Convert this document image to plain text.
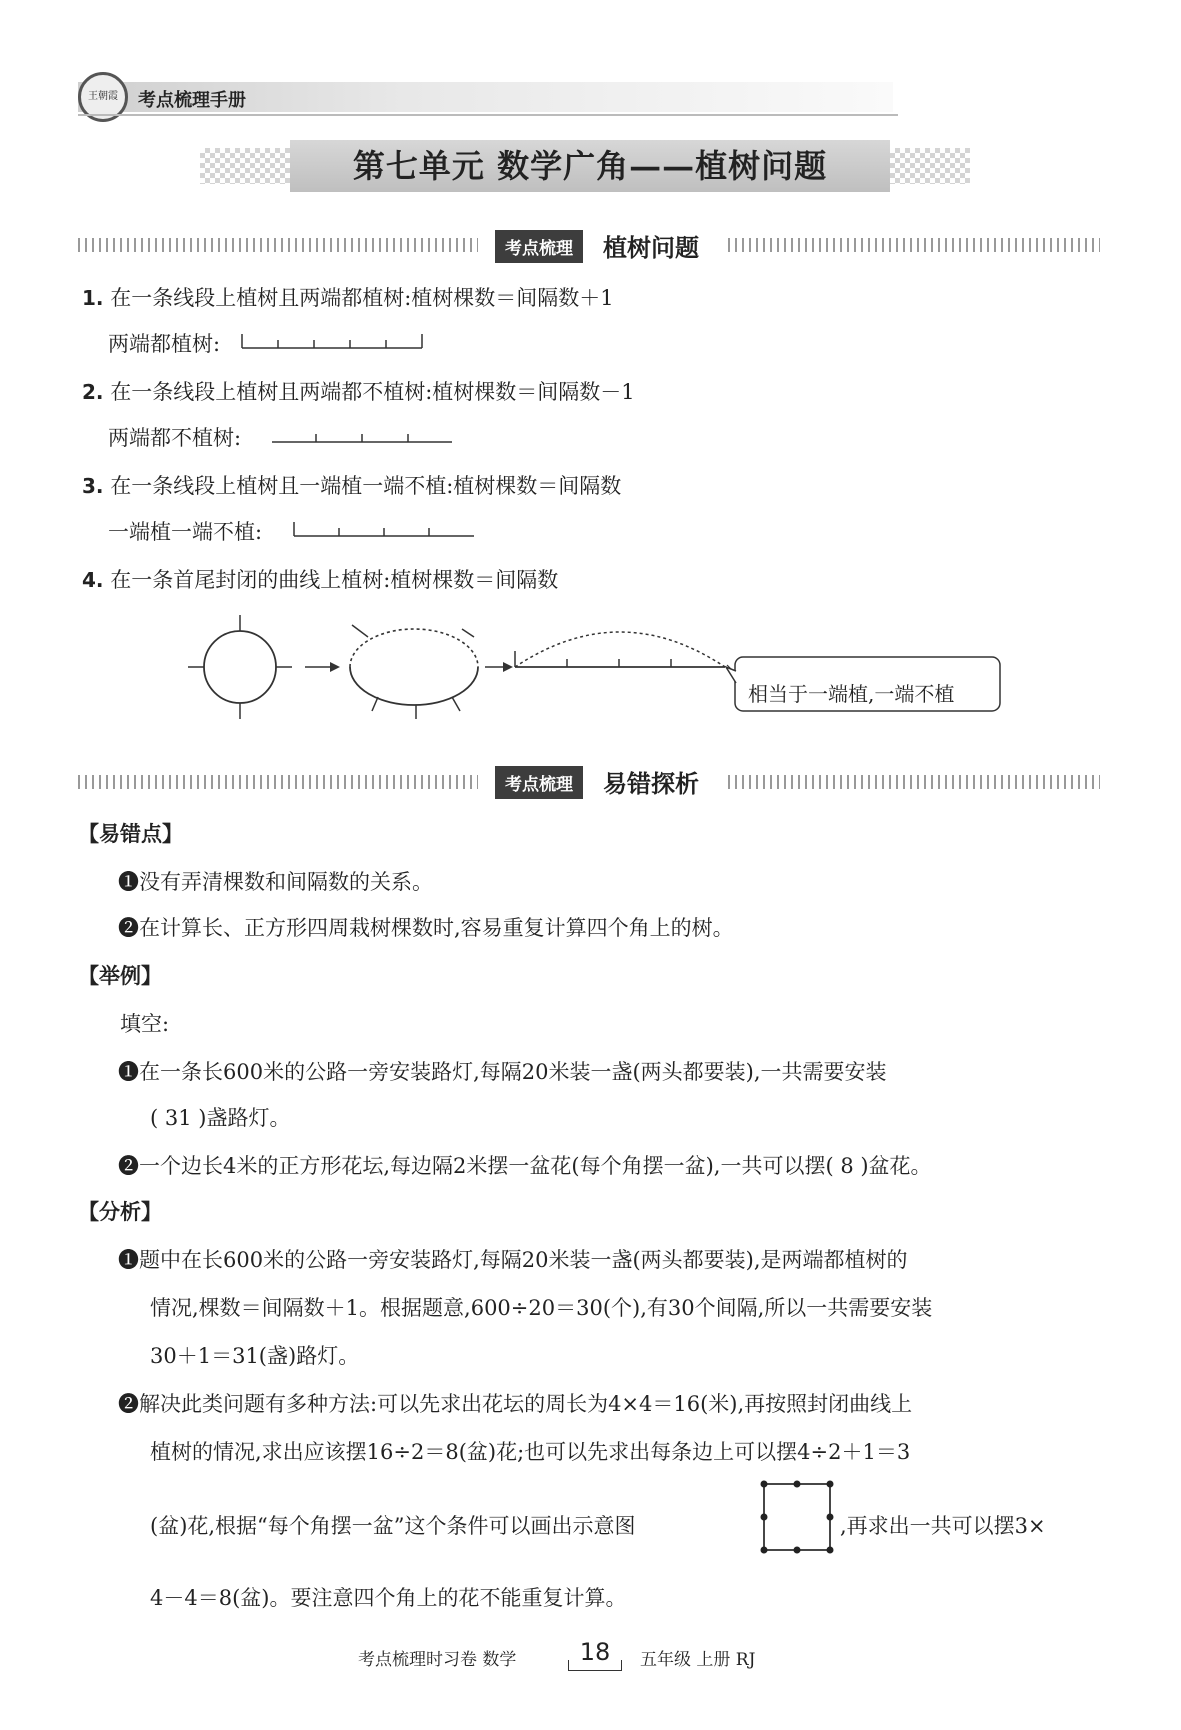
王朝霞	考点梳理手册
第七单元 数学广角——植树问题
考点梳理	植树问题
1. 在一条线段上植树且两端都植树:植树棵数＝间隔数＋1
两端都植树:
2. 在一条线段上植树且两端都不植树:植树棵数＝间隔数－1
两端都不植树:
3. 在一条线段上植树且一端植一端不植:植树棵数＝间隔数
一端植一端不植:
4. 在一条首尾封闭的曲线上植树:植树棵数＝间隔数
相当于一端植,一端不植
考点梳理	易错探析
【易错点】
❶没有弄清棵数和间隔数的关系。
❷在计算长、正方形四周栽树棵数时,容易重复计算四个角上的树。
【举例】
填空:
❶在一条长600米的公路一旁安装路灯,每隔20米装一盏(两头都要装),一共需要安装
( 31 )盏路灯。
❷一个边长4米的正方形花坛,每边隔2米摆一盆花(每个角摆一盆),一共可以摆( 8 )盆花。
【分析】
❶题中在长600米的公路一旁安装路灯,每隔20米装一盏(两头都要装),是两端都植树的
情况,棵数＝间隔数＋1。根据题意,600÷20＝30(个),有30个间隔,所以一共需要安装
30＋1＝31(盏)路灯。
❷解决此类问题有多种方法:可以先求出花坛的周长为4×4＝16(米),再按照封闭曲线上
植树的情况,求出应该摆16÷2＝8(盆)花;也可以先求出每条边上可以摆4÷2＋1＝3
(盆)花,根据“每个角摆一盆”这个条件可以画出示意图	,再求出一共可以摆3×
4－4＝8(盆)。要注意四个角上的花不能重复计算。
考点梳理时习卷 数学	18	五年级 上册 RJ
